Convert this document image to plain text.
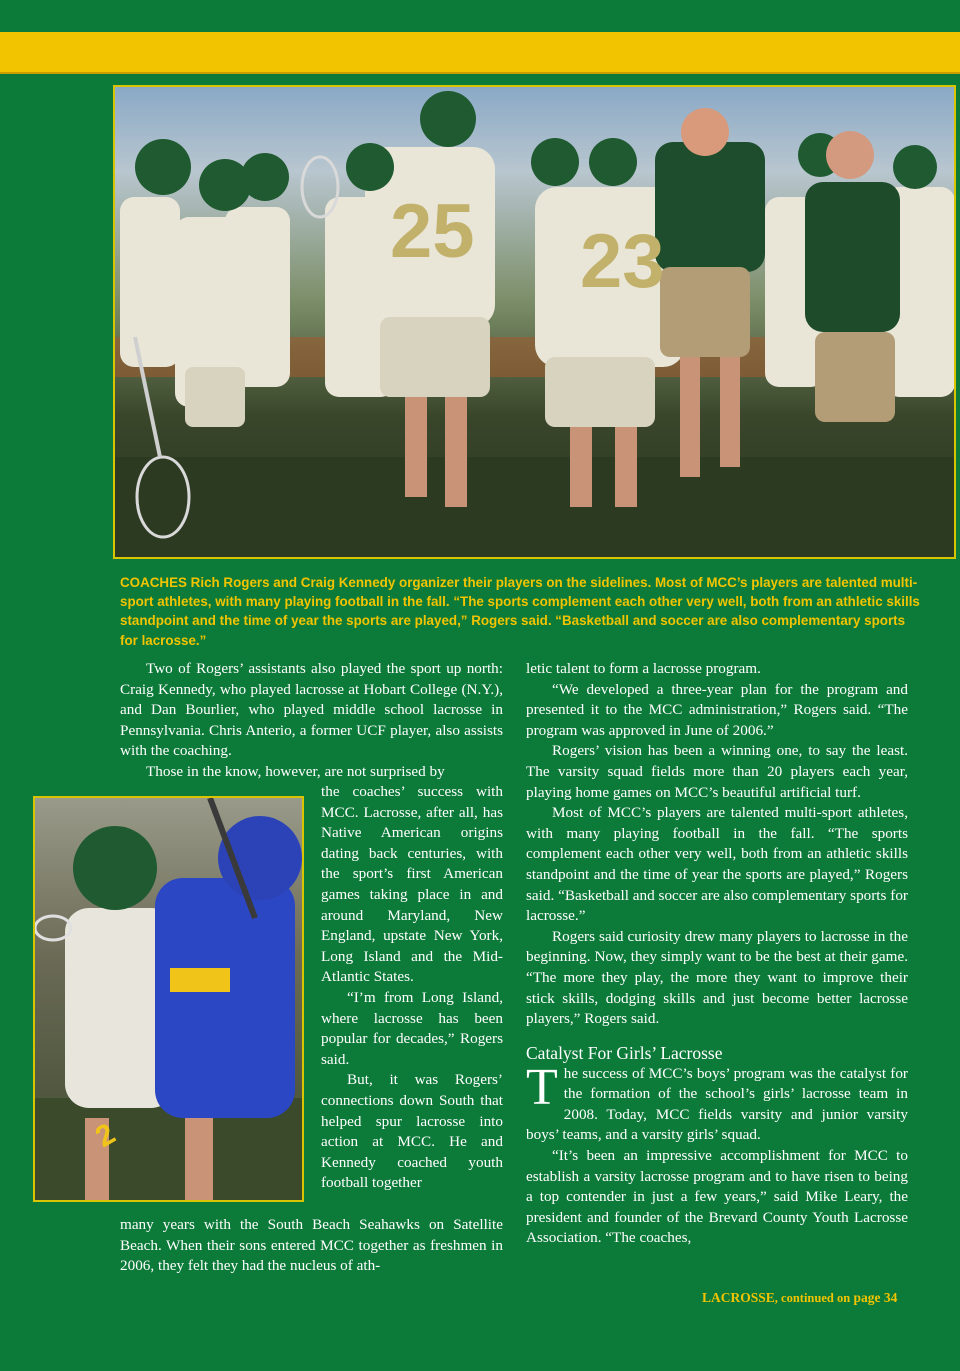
25 23
2
COACHES Rich Rogers and Craig Kennedy organizer their players on the sidelines. Most of MCC’s players are talented multi-sport athletes, with many playing football in the fall. “The sports complement each other very well, both from an athletic skills standpoint and the time of year the sports are played,” Rogers said. “Basketball and soccer are also complementary sports for lacrosse.”

Two of Rogers’ assistants also played the sport up north: Craig Kennedy, who played lacrosse at Hobart College (N.Y.), and Dan Bourlier, who played middle school lacrosse in Pennsylvania. Chris Anterio, a former UCF player, also assists with the coaching.

Those in the know, however, are not surprised by

the coaches’ success with MCC. Lacrosse, after all, has Native American origins dating back centuries, with the sport’s first American games taking place in and around Maryland, New England, upstate New York, Long Island and the Mid-Atlantic States.

“I’m from Long Island, where lacrosse has been popular for decades,” Rogers said.

But, it was Rogers’ connections down South that helped spur lacrosse into action at MCC. He and Kennedy coached youth football together

many years with the South Beach Seahawks on Satellite Beach. When their sons entered MCC together as freshmen in 2006, they felt they had the nucleus of ath-

letic talent to form a lacrosse program.

“We developed a three-year plan for the program and presented it to the MCC administration,” Rogers said. “The program was approved in June of 2006.”

Rogers’ vision has been a winning one, to say the least. The varsity squad fields more than 20 players each year, playing home games on MCC’s beautiful artificial turf.

Most of MCC’s players are talented multi-sport athletes, with many playing football in the fall. “The sports complement each other very well, both from an athletic skills standpoint and the time of year the sports are played,” Rogers said. “Basketball and soccer are also complementary sports for lacrosse.”

Rogers said curiosity drew many players to lacrosse in the beginning. Now, they simply want to be the best at their game. “The more they play, the more they want to improve their stick skills, dodging skills and just become better lacrosse players,” Rogers said.

Catalyst For Girls’ Lacrosse

The success of MCC’s boys’ program was the catalyst for the formation of the school’s girls’ lacrosse team in 2008. Today, MCC fields varsity and junior varsity boys’ teams, and a varsity girls’ squad.

“It’s been an impressive accomplishment for MCC to establish a varsity lacrosse program and to have risen to being a top contender in just a few years,” said Mike Leary, the president and founder of the Brevard County Youth Lacrosse Association. “The coaches,

LACROSSE, continued on page 34
